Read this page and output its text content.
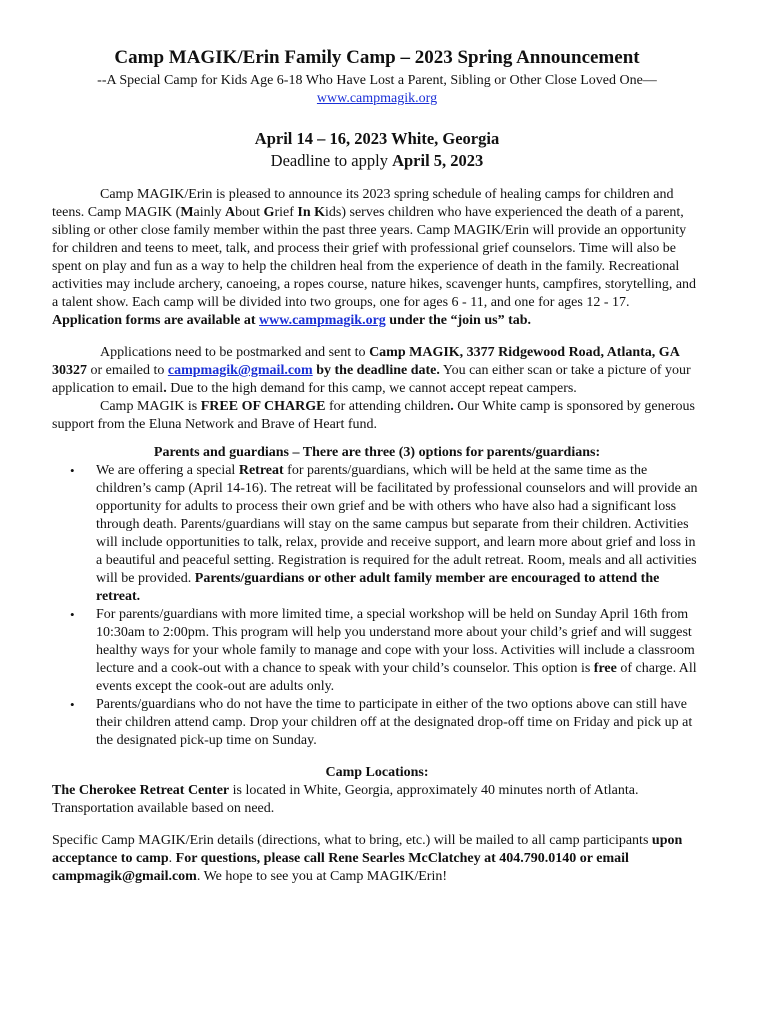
Camp MAGIK/Erin Family Camp – 2023 Spring Announcement
--A Special Camp for Kids Age 6-18 Who Have Lost a Parent, Sibling or Other Close Loved One—
www.campmagik.org
April 14 – 16, 2023 White, Georgia
Deadline to apply April 5, 2023

Camp MAGIK/Erin is pleased to announce its 2023 spring schedule of healing camps for children and teens. Camp MAGIK (Mainly About Grief In Kids) serves children who have experienced the death of a parent, sibling or other close family member within the past three years. Camp MAGIK/Erin will provide an opportunity for children and teens to meet, talk, and process their grief with professional grief counselors. Time will also be spent on play and fun as a way to help the children heal from the experience of death in the family. Recreational activities may include archery, canoeing, a ropes course, nature hikes, scavenger hunts, campfires, storytelling, and a talent show. Each camp will be divided into two groups, one for ages 6 - 11, and one for ages 12 - 17. Application forms are available at www.campmagik.org under the “join us” tab.

Applications need to be postmarked and sent to Camp MAGIK, 3377 Ridgewood Road, Atlanta, GA 30327 or emailed to campmagik@gmail.com by the deadline date. You can either scan or take a picture of your application to email. Due to the high demand for this camp, we cannot accept repeat campers.

Camp MAGIK is FREE OF CHARGE for attending children. Our White camp is sponsored by generous support from the Eluna Network and Brave of Heart fund.

Parents and guardians – There are three (3) options for parents/guardians:
• We are offering a special Retreat for parents/guardians, which will be held at the same time as the children’s camp (April 14-16). The retreat will be facilitated by professional counselors and will provide an opportunity for adults to process their own grief and be with others who have also had a significant loss through death. Parents/guardians will stay on the same campus but separate from their children. Activities will include opportunities to talk, relax, provide and receive support, and learn more about grief and loss in a beautiful and peaceful setting. Registration is required for the adult retreat. Room, meals and all activities will be provided. Parents/guardians or other adult family member are encouraged to attend the retreat.
• For parents/guardians with more limited time, a special workshop will be held on Sunday April 16th from 10:30am to 2:00pm. This program will help you understand more about your child’s grief and will suggest healthy ways for your whole family to manage and cope with your loss. Activities will include a classroom lecture and a cook-out with a chance to speak with your child’s counselor. This option is free of charge. All events except the cook-out are adults only.
• Parents/guardians who do not have the time to participate in either of the two options above can still have their children attend camp. Drop your children off at the designated drop-off time on Friday and pick up at the designated pick-up time on Sunday.
Camp Locations:

The Cherokee Retreat Center is located in White, Georgia, approximately 40 minutes north of Atlanta. Transportation available based on need.

Specific Camp MAGIK/Erin details (directions, what to bring, etc.) will be mailed to all camp participants upon acceptance to camp. For questions, please call Rene Searles McClatchey at 404.790.0140 or email campmagik@gmail.com. We hope to see you at Camp MAGIK/Erin!
